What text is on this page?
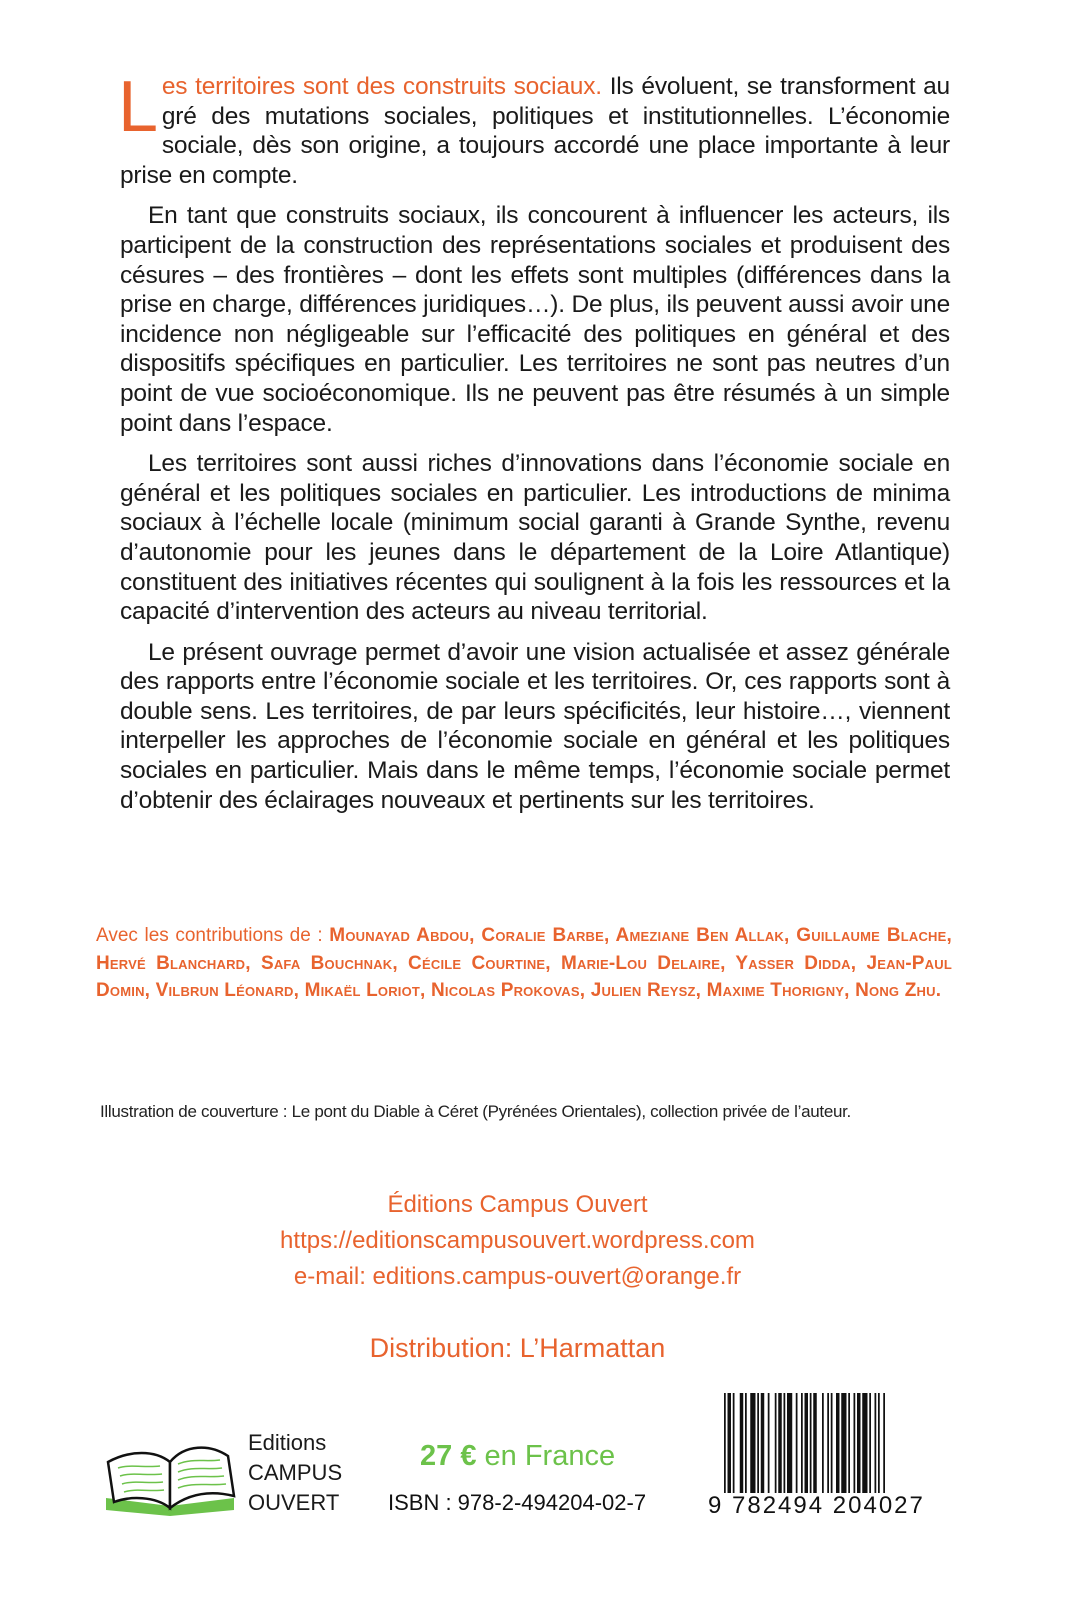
Les territoires sont des construits sociaux. Ils évoluent, se transforment au gré des mutations sociales, politiques et institutionnelles. L’économie sociale, dès son origine, a toujours accordé une place importante à leur prise en compte.

En tant que construits sociaux, ils concourent à influencer les acteurs, ils participent de la construction des représentations sociales et produisent des césures – des frontières – dont les effets sont multiples (différences dans la prise en charge, différences juridiques…). De plus, ils peuvent aussi avoir une incidence non négligeable sur l’efficacité des politiques en général et des dispositifs spécifiques en particulier. Les territoires ne sont pas neutres d’un point de vue socioéconomique. Ils ne peuvent pas être résumés à un simple point dans l’espace.

Les territoires sont aussi riches d’innovations dans l’économie sociale en général et les politiques sociales en particulier. Les introductions de minima sociaux à l’échelle locale (minimum social garanti à Grande Synthe, revenu d’autonomie pour les jeunes dans le département de la Loire Atlantique) constituent des initiatives récentes qui soulignent à la fois les ressources et la capacité d’intervention des acteurs au niveau territorial.

Le présent ouvrage permet d’avoir une vision actualisée et assez générale des rapports entre l’économie sociale et les territoires. Or, ces rapports sont à double sens. Les territoires, de par leurs spécificités, leur histoire…, viennent interpeller les approches de l’économie sociale en général et les politiques sociales en particulier. Mais dans le même temps, l’économie sociale permet d’obtenir des éclairages nouveaux et pertinents sur les territoires.

Avec les contributions de : Mounayad Abdou, Coralie Barbe, Ameziane Ben Allak, Guillaume Blache, Hervé Blanchard, Safa Bouchnak, Cécile Courtine, Marie-Lou Delaire, Yasser Didda, Jean-Paul Domin, Vilbrun Léonard, Mikaël Loriot, Nicolas Prokovas, Julien Reysz, Maxime Thorigny, Nong Zhu.
Illustration de couverture : Le pont du Diable à Céret (Pyrénées Orientales), collection privée de l’auteur.
Éditions Campus Ouvert
https://editionscampusouvert.wordpress.com
e-mail: editions.campus-ouvert@orange.fr
Distribution: L’Harmattan
Editions
CAMPUS
OUVERT
27 € en France
ISBN : 978-2-494204-02-7	9 782494 204027
